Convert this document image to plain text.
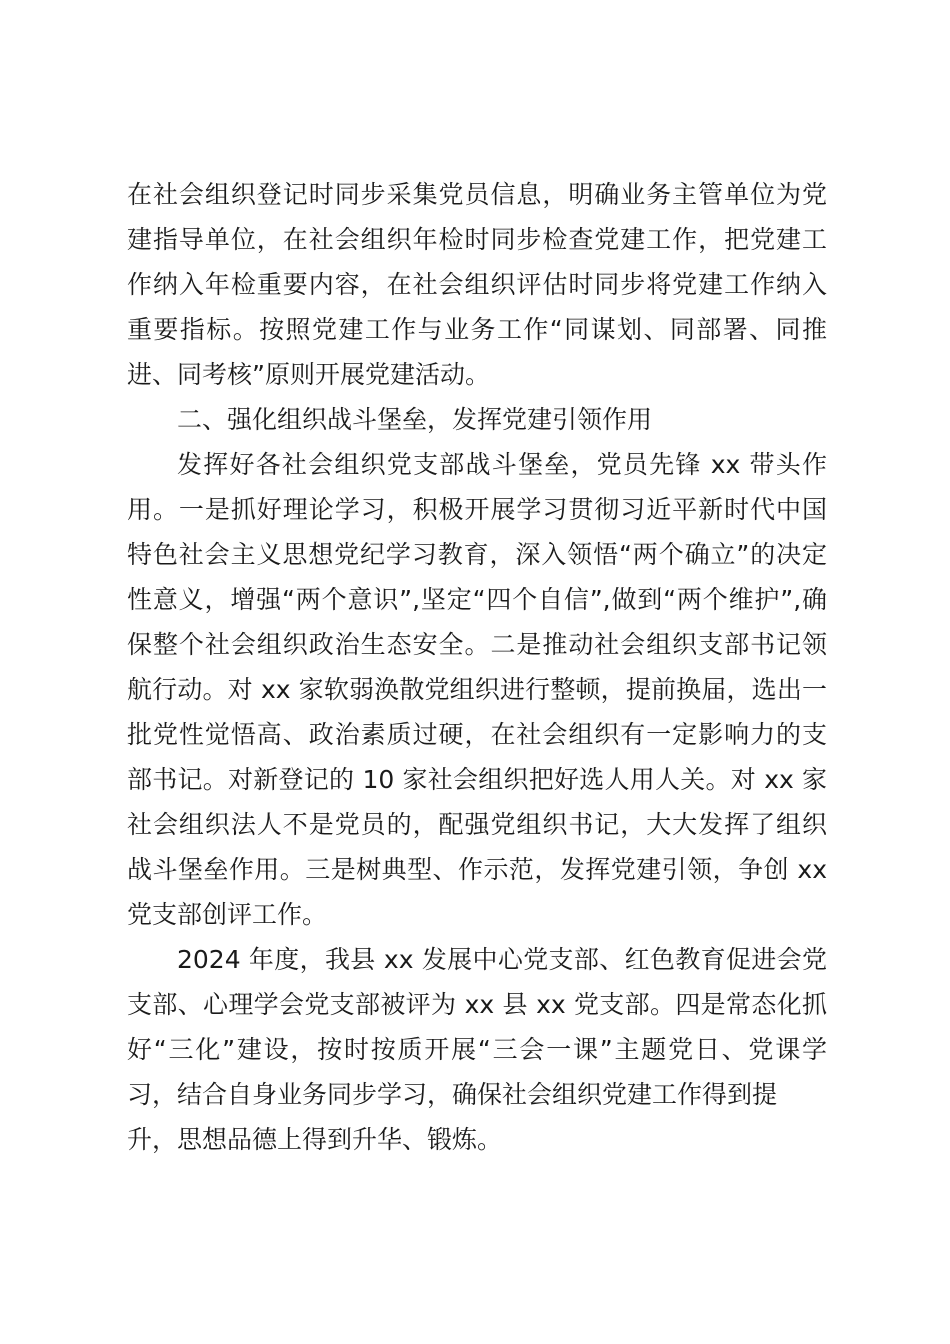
在社会组织登记时同步采集党员信息，明确业务主管单位为党
建指导单位，在社会组织年检时同步检查党建工作，把党建工
作纳入年检重要内容，在社会组织评估时同步将党建工作纳入
重要指标。按照党建工作与业务工作“同谋划、同部署、同推
进、同考核”原则开展党建活动。
二、强化组织战斗堡垒，发挥党建引领作用
发挥好各社会组织党支部战斗堡垒，党员先锋 xx 带头作
用。一是抓好理论学习，积极开展学习贯彻习近平新时代中国
特色社会主义思想党纪学习教育，深入领悟“两个确立”的决定
性意义，增强“两个意识”,坚定“四个自信”,做到“两个维护”,确
保整个社会组织政治生态安全。二是推动社会组织支部书记领
航行动。对 xx 家软弱涣散党组织进行整顿，提前换届，选出一
批党性觉悟高、政治素质过硬，在社会组织有一定影响力的支
部书记。对新登记的 10 家社会组织把好选人用人关。对 xx 家
社会组织法人不是党员的，配强党组织书记，大大发挥了组织
战斗堡垒作用。三是树典型、作示范，发挥党建引领，争创 xx
党支部创评工作。
2024 年度，我县 xx 发展中心党支部、红色教育促进会党
支部、心理学会党支部被评为 xx 县 xx 党支部。四是常态化抓
好“三化”建设，按时按质开展“三会一课”主题党日、党课学
习，结合自身业务同步学习，确保社会组织党建工作得到提
升，思想品德上得到升华、锻炼。
